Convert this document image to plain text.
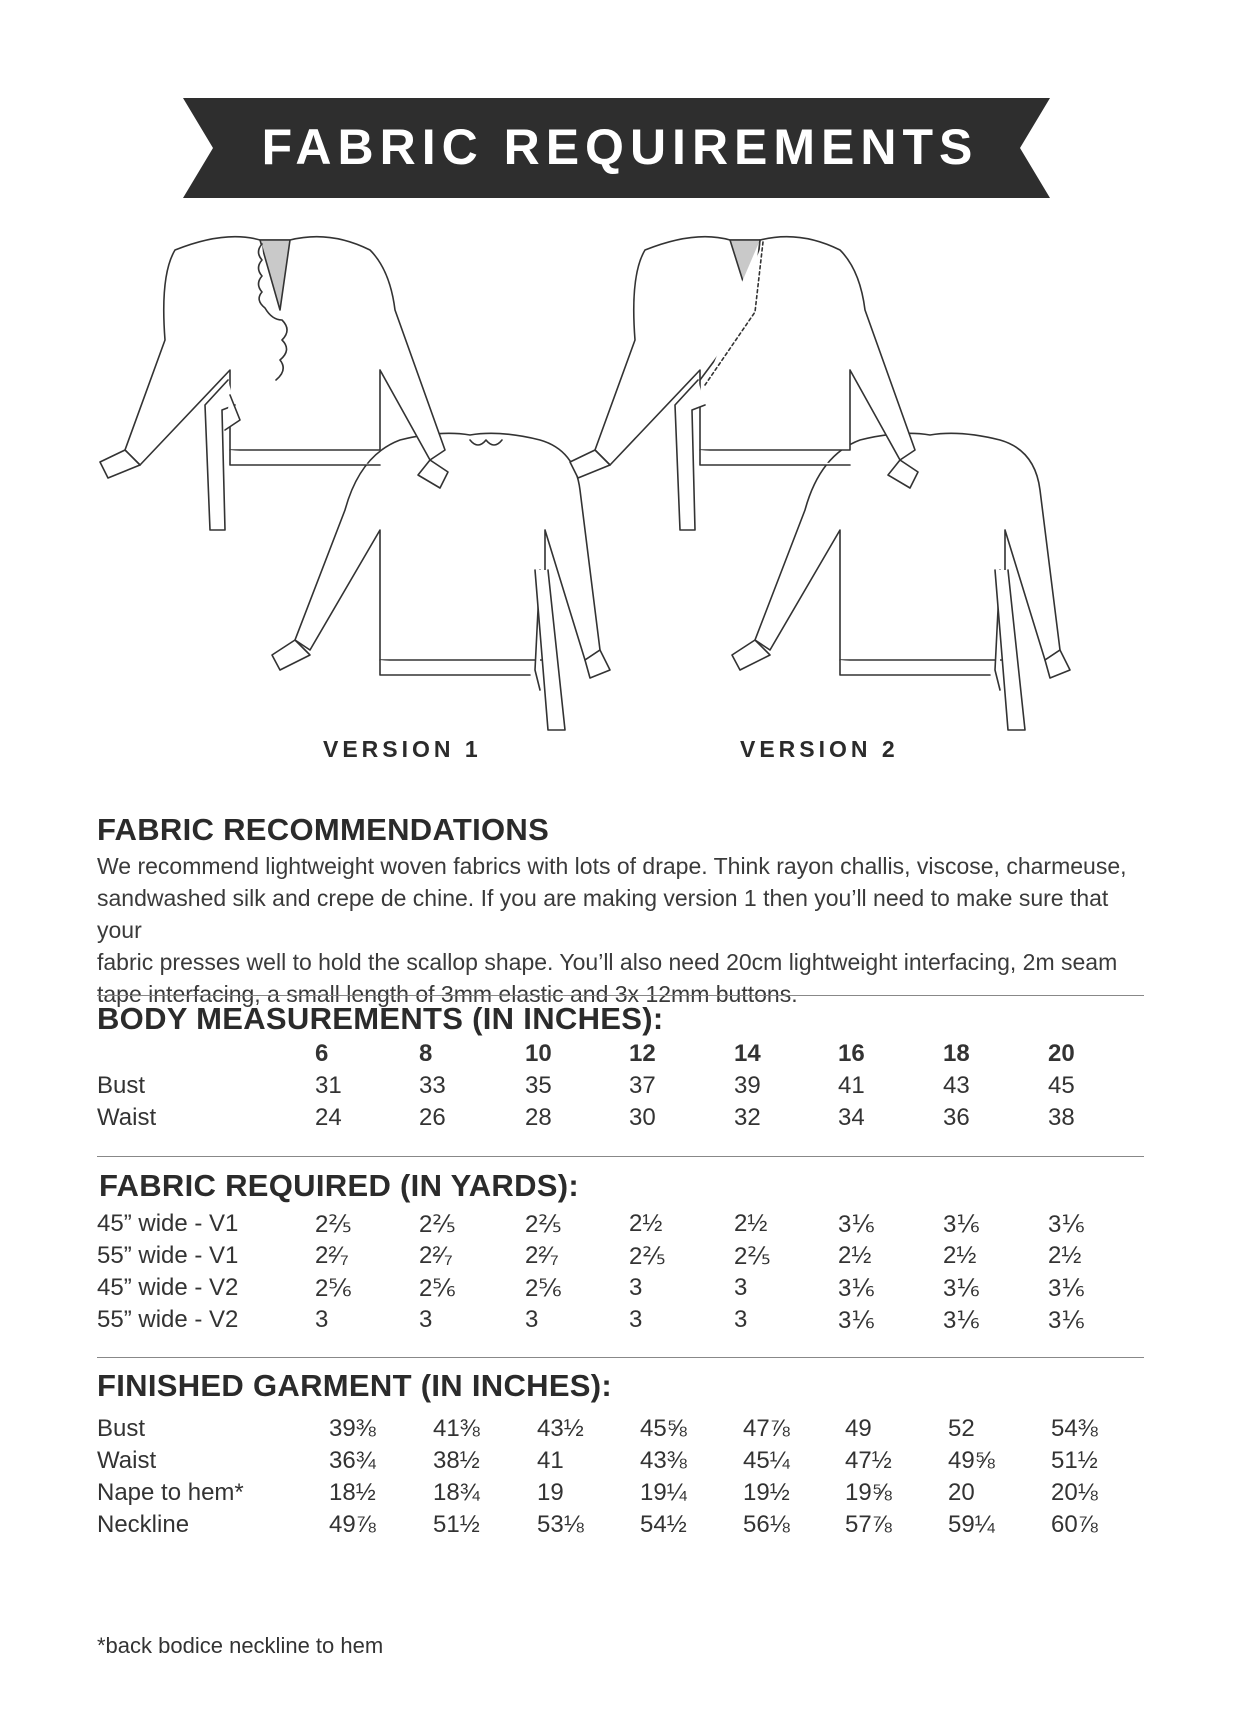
FABRIC REQUIREMENTS
VERSION 1	VERSION 2
FABRIC RECOMMENDATIONS
We recommend lightweight woven fabrics with lots of drape. Think rayon challis, viscose, charmeuse,
sandwashed silk and crepe de chine. If you are making version 1 then you’ll need to make sure that your
fabric presses well to hold the scallop shape. You’ll also need 20cm lightweight interfacing, 2m seam
tape interfacing, a small length of 3mm elastic and 3x 12mm buttons.
BODY MEASUREMENTS (IN INCHES):
6	8	10	12	14	16	18	20
Bust	31	33	35	37	39	41	43	45
Waist	24	26	28	30	32	34	36	38
FABRIC REQUIRED (IN YARDS):
45” wide - V1	2⅖	2⅖	2⅖	2½	2½	3⅙	3⅙	3⅙
55” wide - V1	2²⁄₇	2²⁄₇	2²⁄₇	2⅖	2⅖	2½	2½	2½
45” wide - V2	2⅚	2⅚	2⅚	3	3	3⅙	3⅙	3⅙
55” wide - V2	3	3	3	3	3	3⅙	3⅙	3⅙
FINISHED GARMENT (IN INCHES):
Bust	39⅜ 41⅜ 43½ 45⅝ 47⅞ 49	52	54⅜
Waist	36¾ 38½ 41	43⅜ 45¼ 47½ 49⅝ 51½
Nape to hem*	18½ 18¾ 19	19¼ 19½ 19⅝ 20	20⅛
Neckline	49⅞ 51½ 53⅛ 54½ 56⅛ 57⅞ 59¼ 60⅞
*back bodice neckline to hem
